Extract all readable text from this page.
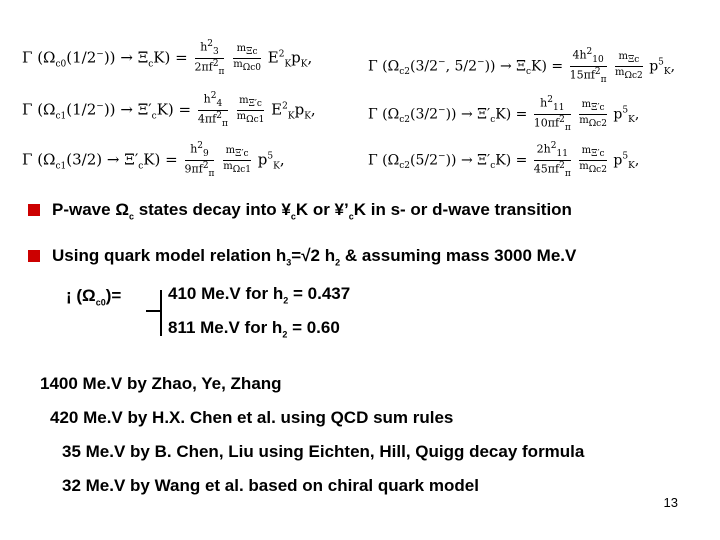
Γ $(\Omega_{c0}(1/2^-)) \to \Xi_cK) = \frac{h^2_3}{2\pi f^2_\pi}$
$\frac{m_{\Xi c}}{m_{\Omega c0}} E^2_Kp_K$,
Γ $(\Omega_{c1}(1/2^-)) \to \Xi'_cK) = \frac{h^2_4}{4\pi f^2_\pi}$
$\frac{m_{\Xi'c}}{m_{\Omega c1}} E^2_Kp_K$,
Γ $(\Omega_{c1}(3/2) \to \Xi'_cK) = \frac{h^2_9}{9\pi f^2_\pi}$
$\frac{m_{\Xi'c}}{m_{\Omega c1}} p^5_K$,
Γ ($\Omega_{c2}(3/2^-$, $5/2^-)) \to \Xi_cK) = \frac{4h^2_{10}}{15\pi f^2_\pi}$
$\frac{m_{\Xi c}}{m_{\Omega c2}} p^5_K$,
Γ $(\Omega_{c2}(3/2^-)) \to \Xi'_cK) = \frac{h^2_{11}}{10\pi f^2_\pi}$
$\frac{m_{\Xi'c}}{m_{\Omega c2}} p^5_K$,
Γ $(\Omega_{c2}(5/2^-)) \to \Xi'_cK) = \frac{2h^2_{11}}{45\pi f^2_\pi}$
$\frac{m_{\Xi'c}}{m_{\Omega c2}} p^5_K$,
P-wave $\Omega_c$ states decay into $¥_cK$ or $¥’_cK$ in s- or d-wave transition
Using quark model relation $h_3=√2$ $h_2$ & assuming mass 3000 Me.V
¡ $(\Omega_{c0})=$	410 Me.V for $h_2 = 0.437$
811 Me.V for $h_2 = 0.60$
1400 Me.V by Zhao, Ye, Zhang
420 Me.V by H.X. Chen et al. using QCD sum rules
35 Me.V by B. Chen, Liu using Eichten, Hill, Quigg decay formula
32 Me.V by Wang et al. based on chiral quark model
13
